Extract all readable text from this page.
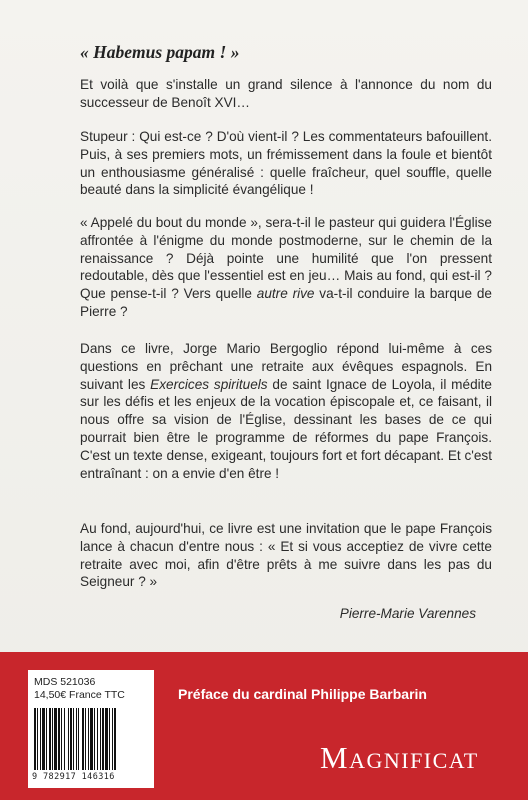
« Habemus papam ! »

Et voilà que s'installe un grand silence à l'annonce du nom du successeur de Benoît XVI…

Stupeur : Qui est-ce ? D'où vient-il ? Les commentateurs bafouillent. Puis, à ses premiers mots, un frémissement dans la foule et bientôt un enthousiasme généralisé : quelle fraîcheur, quel souffle, quelle beauté dans la simplicité évangélique !

« Appelé du bout du monde », sera-t-il le pasteur qui guidera l'Église affrontée à l'énigme du monde postmoderne, sur le chemin de la renaissance ? Déjà pointe une humilité que l'on pressent redoutable, dès que l'essentiel est en jeu… Mais au fond, qui est-il ? Que pense-t-il ? Vers quelle autre rive va-t-il conduire la barque de Pierre ?

Dans ce livre, Jorge Mario Bergoglio répond lui-même à ces questions en prêchant une retraite aux évêques espagnols. En suivant les Exercices spirituels de saint Ignace de Loyola, il médite sur les défis et les enjeux de la vocation épiscopale et, ce faisant, il nous offre sa vision de l'Église, dessinant les bases de ce qui pourrait bien être le programme de réformes du pape François. C'est un texte dense, exigeant, toujours fort et fort décapant. Et c'est entraînant : on a envie d'en être !

Au fond, aujourd'hui, ce livre est une invitation que le pape François lance à chacun d'entre nous : « Et si vous acceptiez de vivre cette retraite avec moi, afin d'être prêts à me suivre dans les pas du Seigneur ? »

Pierre-Marie Varennes
MDS 521036
14,50€ France TTC
9 782917 146316
Préface du cardinal Philippe Barbarin
MAGNIFICAT
